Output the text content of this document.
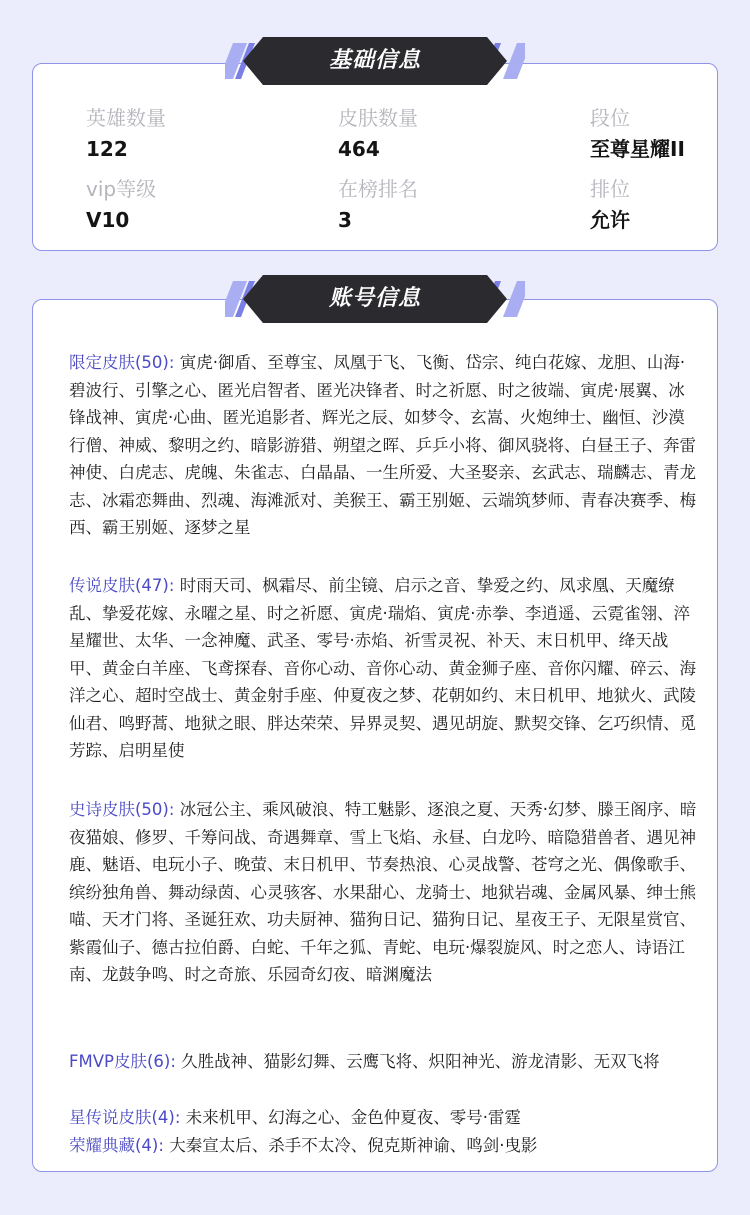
英雄数量
122
皮肤数量
464
段位
至尊星耀II
vip等级
V10
在榜排名
3
排位
允许
基础信息
限定皮肤(50): 寅虎·御盾、至尊宝、凤凰于飞、飞衡、岱宗、纯白花嫁、龙胆、山海·碧波行、引擎之心、匿光启智者、匿光决锋者、时之祈愿、时之彼端、寅虎·展翼、冰锋战神、寅虎·心曲、匿光追影者、辉光之辰、如梦令、玄嵩、火炮绅士、幽恒、沙漠行僧、神威、黎明之约、暗影游猎、朔望之晖、乒乒小将、御风骁将、白昼王子、奔雷神使、白虎志、虎魄、朱雀志、白晶晶、一生所爱、大圣娶亲、玄武志、瑞麟志、青龙志、冰霜恋舞曲、烈魂、海滩派对、美猴王、霸王别姬、云端筑梦师、青春决赛季、梅西、霸王别姬、逐梦之星
传说皮肤(47): 时雨天司、枫霜尽、前尘镜、启示之音、挚爱之约、凤求凰、天魔缭乱、挚爱花嫁、永曜之星、时之祈愿、寅虎·瑞焰、寅虎·赤拳、李逍遥、云霓雀翎、淬星耀世、太华、一念神魔、武圣、零号·赤焰、祈雪灵祝、补天、末日机甲、绛天战甲、黄金白羊座、飞鸢探春、音你心动、音你心动、黄金狮子座、音你闪耀、碎云、海洋之心、超时空战士、黄金射手座、仲夏夜之梦、花朝如约、末日机甲、地狱火、武陵仙君、鸣野蒿、地狱之眼、胖达荣荣、异界灵契、遇见胡旋、默契交锋、乞巧织情、觅芳踪、启明星使
史诗皮肤(50): 冰冠公主、乘风破浪、特工魅影、逐浪之夏、天秀·幻梦、滕王阁序、暗夜猫娘、修罗、千筹问战、奇遇舞章、雪上飞焰、永昼、白龙吟、暗隐猎兽者、遇见神鹿、魅语、电玩小子、晚萤、末日机甲、节奏热浪、心灵战警、苍穹之光、偶像歌手、缤纷独角兽、舞动绿茵、心灵骇客、水果甜心、龙骑士、地狱岩魂、金属风暴、绅士熊喵、天才门将、圣诞狂欢、功夫厨神、猫狗日记、猫狗日记、星夜王子、无限星赏官、紫霞仙子、德古拉伯爵、白蛇、千年之狐、青蛇、电玩·爆裂旋风、时之恋人、诗语江南、龙鼓争鸣、时之奇旅、乐园奇幻夜、暗渊魔法
FMVP皮肤(6): 久胜战神、猫影幻舞、云鹰飞将、炽阳神光、游龙清影、无双飞将
星传说皮肤(4): 未来机甲、幻海之心、金色仲夏夜、零号·雷霆
荣耀典藏(4): 大秦宣太后、杀手不太冷、倪克斯神谕、鸣剑·曳影
账号信息
